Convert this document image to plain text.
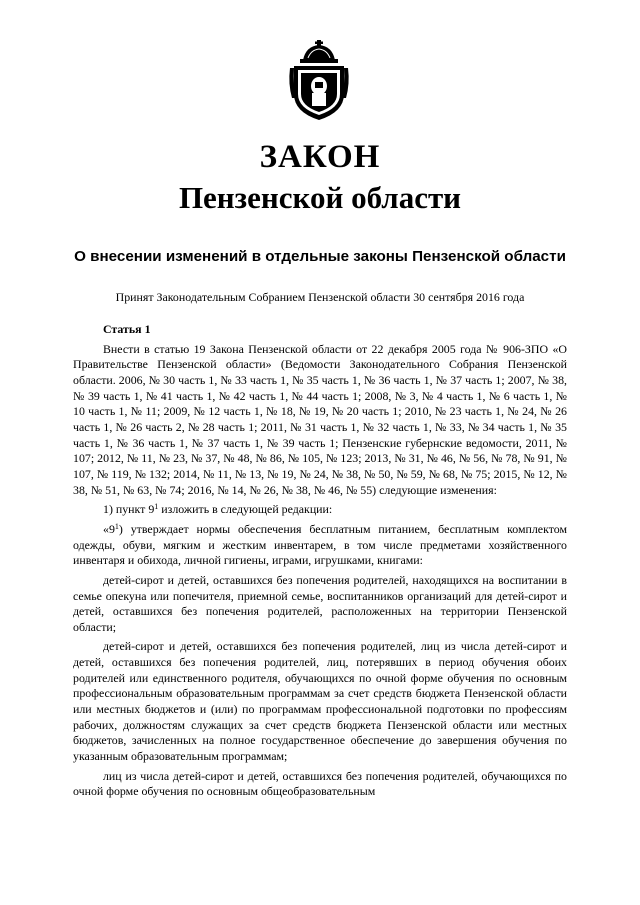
ЗАКОН
Пензенской области
О внесении изменений в отдельные законы Пензенской области
Принят Законодательным Собранием Пензенской области 30 сентября 2016 года

Статья 1

Внести в статью 19 Закона Пензенской области от 22 декабря 2005 года № 906-ЗПО «О Правительстве Пензенской области» (Ведомости Законодательного Собрания Пензенской области. 2006, № 30 часть 1, № 33 часть 1, № 35 часть 1, № 36 часть 1, № 37 часть 1; 2007, № 38, № 39 часть 1, № 41 часть 1, № 42 часть 1, № 44 часть 1; 2008, № 3, № 4 часть 1, № 6 часть 1, № 10 часть 1, № 11; 2009, № 12 часть 1, № 18, № 19, № 20 часть 1; 2010, № 23 часть 1, № 24, № 26 часть 1, № 26 часть 2, № 28 часть 1; 2011, № 31 часть 1, № 32 часть 1, № 33, № 34 часть 1, № 35 часть 1, № 36 часть 1, № 37 часть 1, № 39 часть 1; Пензенские губернские ведомости, 2011, № 107; 2012, № 11, № 23, № 37, № 48, № 86, № 105, № 123; 2013, № 31, № 46, № 56, № 78, № 91, № 107, № 119, № 132; 2014, № 11, № 13, № 19, № 24, № 38, № 50, № 59, № 68, № 75; 2015, № 12, № 38, № 51, № 63, № 74; 2016, № 14, № 26, № 38, № 46, № 55) следующие изменения:

1) пункт $9^1$ изложить в следующей редакции:

«$9^1$) утверждает нормы обеспечения бесплатным питанием, бесплатным комплектом одежды, обуви, мягким и жестким инвентарем, в том числе предметами хозяйственного инвентаря и обихода, личной гигиены, играми, игрушками, книгами:

детей-сирот и детей, оставшихся без попечения родителей, находящихся на воспитании в семье опекуна или попечителя, приемной семье, воспитанников организаций для детей-сирот и детей, оставшихся без попечения родителей, расположенных на территории Пензенской области;

детей-сирот и детей, оставшихся без попечения родителей, лиц из числа детей-сирот и детей, оставшихся без попечения родителей, лиц, потерявших в период обучения обоих родителей или единственного родителя, обучающихся по очной форме обучения по основным профессиональным образовательным программам за счет средств бюджета Пензенской области или местных бюджетов и (или) по программам профессиональной подготовки по профессиям рабочих, должностям служащих за счет средств бюджета Пензенской области или местных бюджетов, зачисленных на полное государственное обеспечение до завершения обучения по указанным образовательным программам;

лиц из числа детей-сирот и детей, оставшихся без попечения родителей, обучающихся по очной форме обучения по основным общеобразовательным
